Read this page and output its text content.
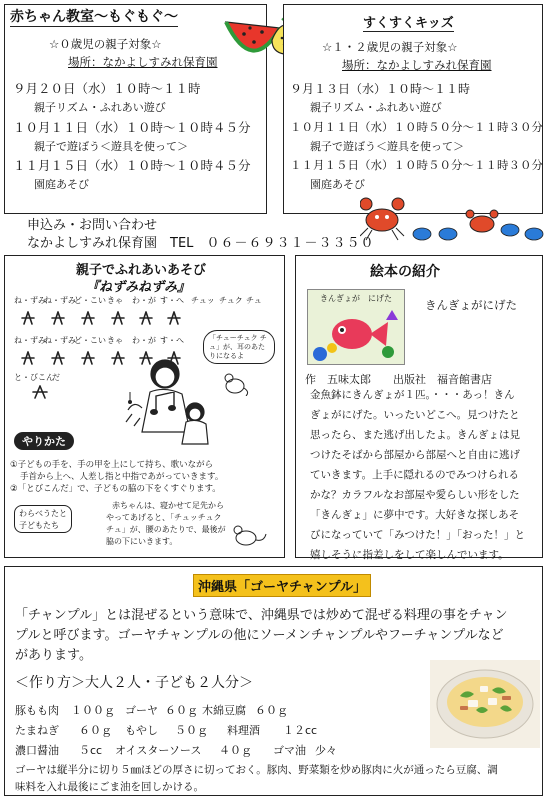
赤ちゃん教室～もぐもぐ～
☆０歳児の親子対象☆
場所：なかよしすみれ保育園
９月２０日（水）１０時～１１時
親子リズム・ふれあい遊び
１０月１１日（水）１０時～１０時４５分
親子で遊ぼう＜遊具を使って＞
１１月１５日（水）１０時～１０時４５分
園庭あそび
すくすくキッズ
☆１・２歳児の親子対象☆
場所：なかよしすみれ保育園
９月１３日（水）１０時～１１時
親子リズム・ふれあい遊び
１０月１１日（水）１０時５０分～１１時３０分
親子で遊ぼう＜遊具を使って＞
１１月１５日（水）１０時５０分～１１時３０分
園庭あそび
申込み・お問い合わせ
なかよしすみれ保育園　 TEL　 ０６－６９３１－３３５０
親子でふれあいあそび
『ねずみねずみ』
ね・ずみ
ね・ずみ
ど・こい きゃ わ・が す・へ チュッ チュク チュ
ね・ずみ
ね・ずみ
ど・こい きゃ わ・が す・へ
と・びこん
だ
「チューチュク チュ」が、耳のあたりになるよ
やりかた
①子どもの手を、手の甲を上にして持ち、歌いながら
手首から上へ、人差し指と中指であがっていきます。
②「とびこんだ」で、子どもの脇の下をくすぐります。
わらべうたと子どもたち
赤ちゃんは、寝かせて足先から
やってあげると、「チュッチュク
チュ」が、腰のあたりで、最後が
脇の下にいきます。
絵本の紹介
きんぎょが　にげた	きんぎょがにげた
作　五味太郎　　出版社　福音館書店
金魚鉢にきんぎょが１匹。・・・あっ！きん
ぎょがにげた。いったいどこへ。見つけたと
思ったら、また逃げ出したよ。きんぎょは見
つけたそばから部屋から部屋へと自由に逃げ
ていきます。上手に隠れるのでみつけられる
かな？カラフルなお部屋や愛らしい形をした
「きんぎょ」に夢中です。大好きな探しあそ
びになっていて「みつけた！」「おった！」と
嬉しそうに指差しをして楽しんでいます。
沖縄県「ゴーヤチャンプル」
「チャンプル」とは混ぜるという意味で、沖縄県では炒めて混ぜる料理の事をチャン
プルと呼びます。ゴーヤチャンプルの他にソーメンチャンプルやフーチャンプルなど
があります。
＜作り方＞大人２人・子ども２人分＞
豚もも肉 １００ｇ ゴーヤ ６０ｇ 木綿豆腐 ６０ｇ
たまねぎ ６０ｇ もやし ５０ｇ 料理酒 １２cc
濃口醤油 ５cc オイスターソース ４０ｇ ゴマ油 少々
ゴーヤは縦半分に切り５㎜ほどの厚さに切っておく。豚肉、野菜類を炒め豚肉に火が通ったら豆腐、調
味料を入れ最後にごま油を回しかける。
